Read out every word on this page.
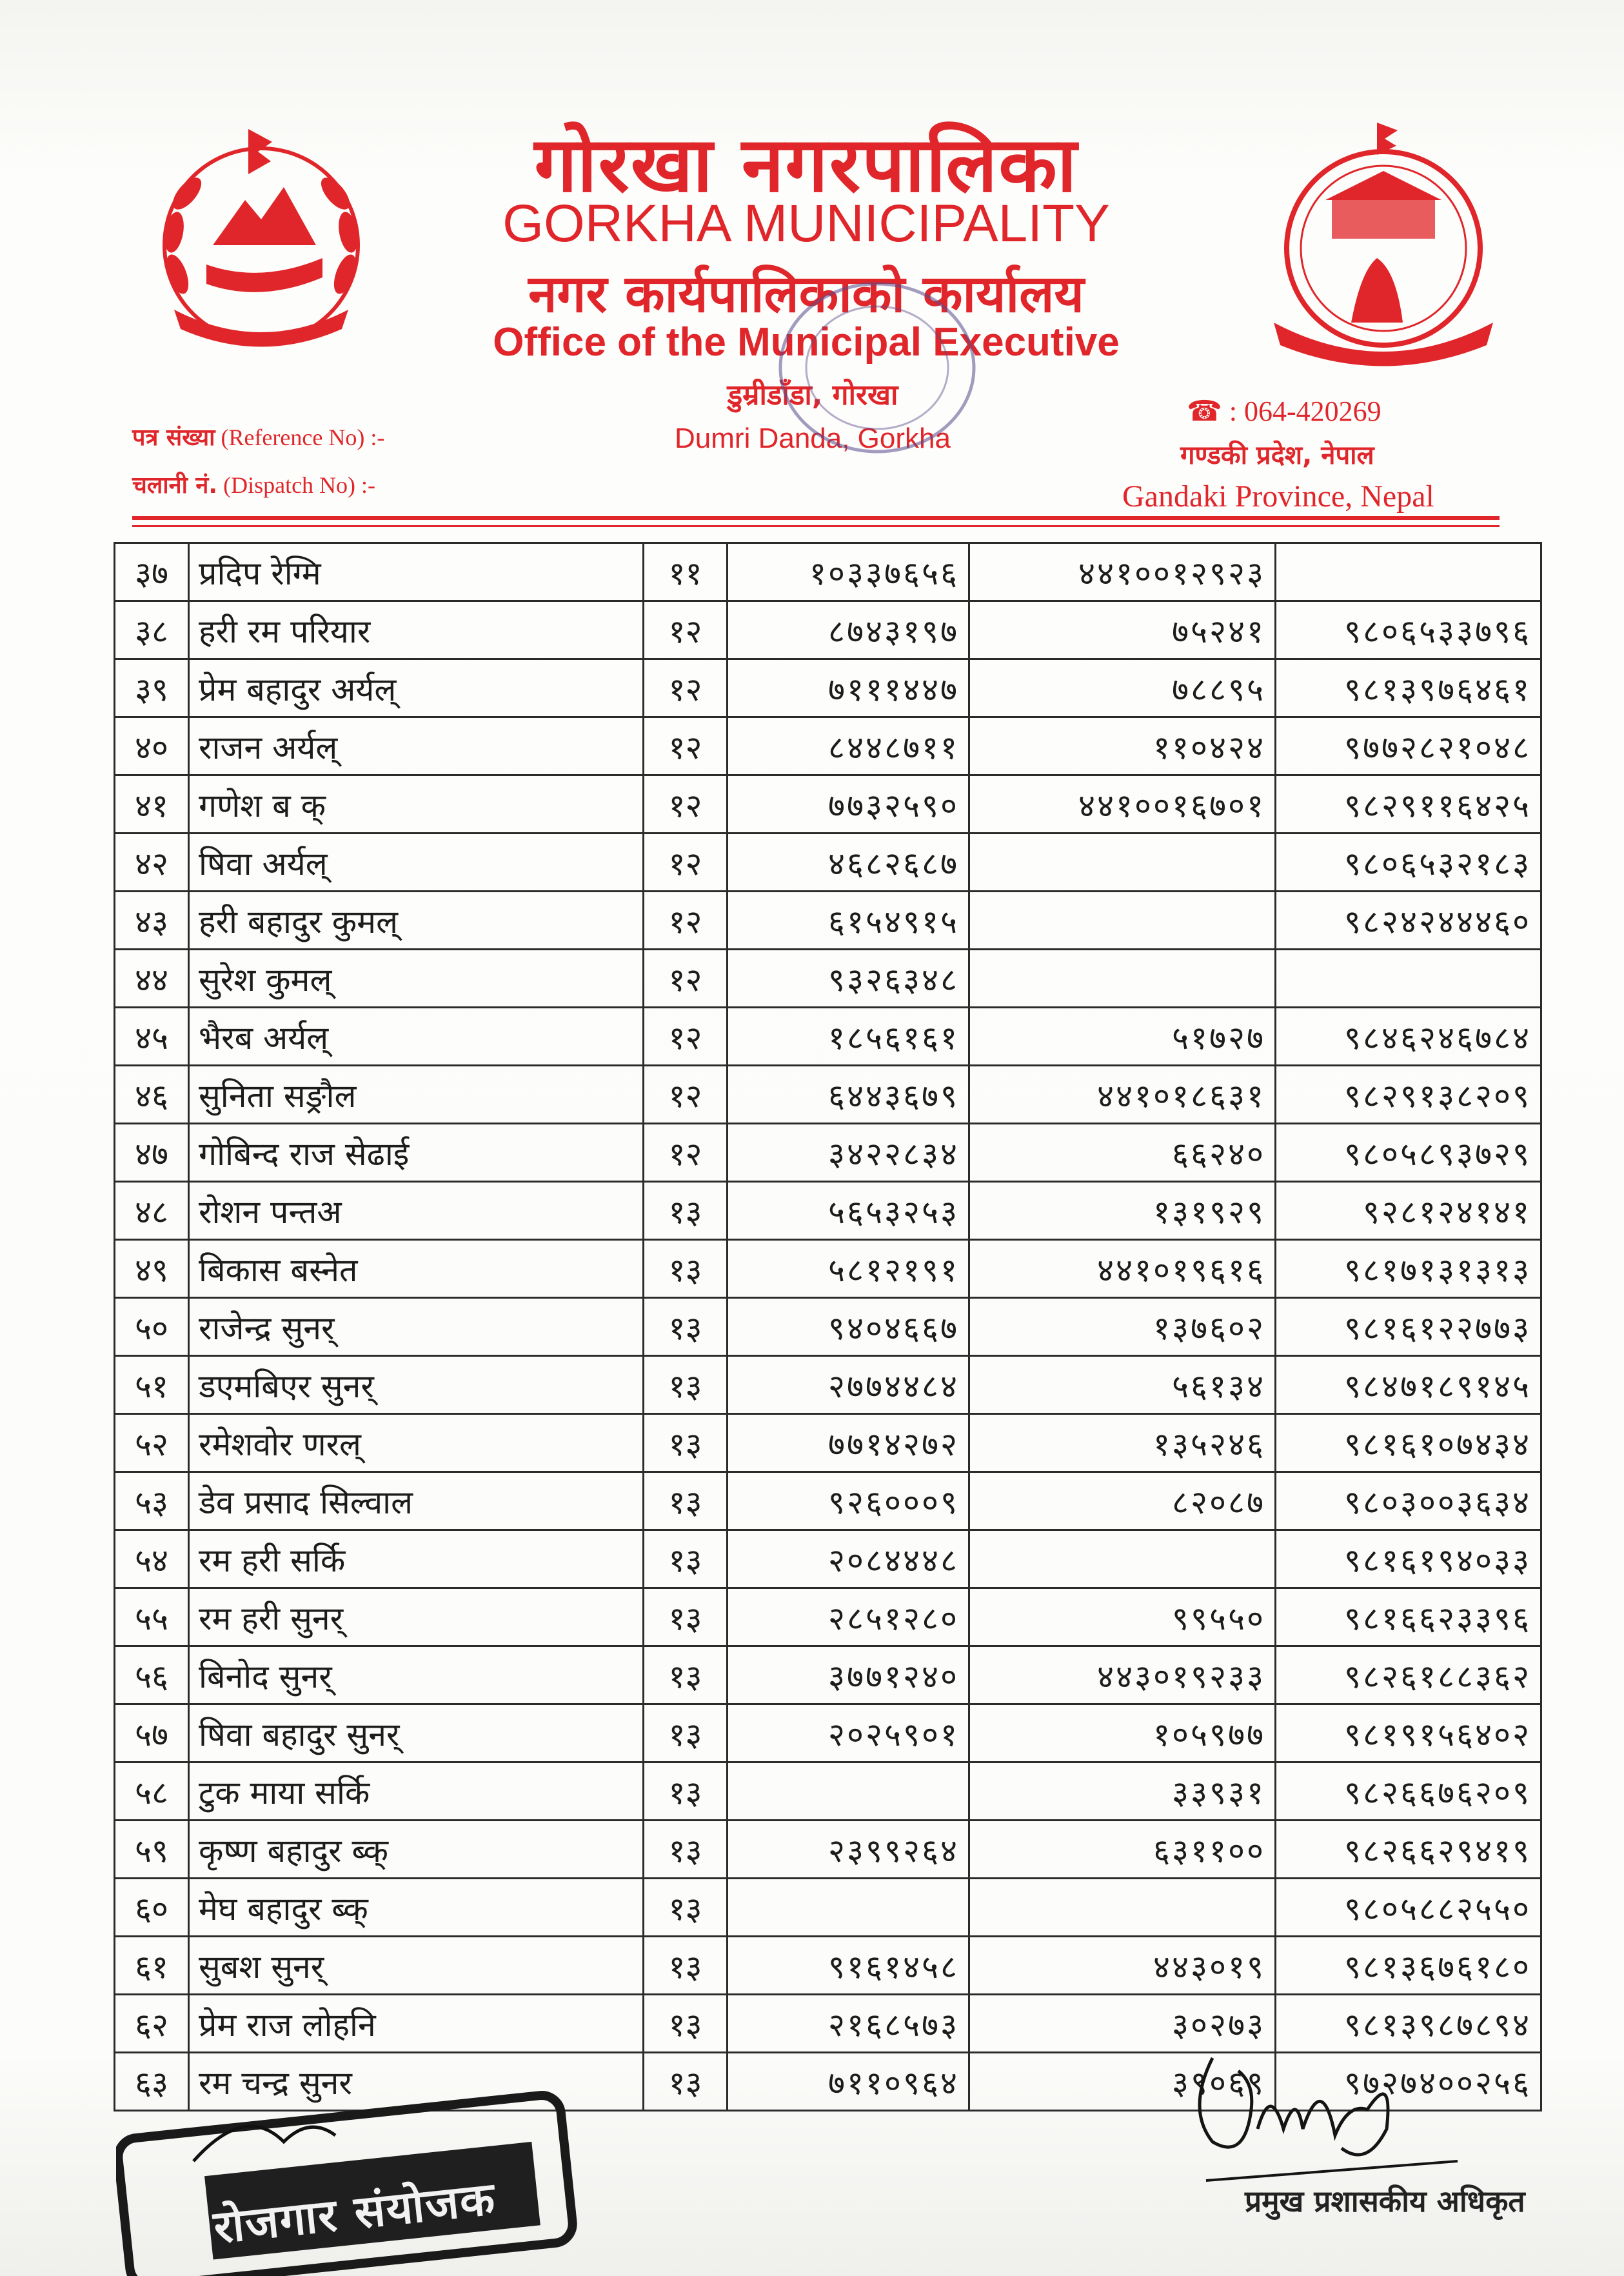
गोरखा नगरपालिका
GORKHA MUNICIPALITY
नगर कार्यपालिकाको कार्यालय
Office of the Municipal Executive
डुम्रीडाँडा, गोरखा
Dumri Danda, Gorkha
पत्र संख्या (Reference No) :-
चलानी नं. (Dispatch No) :-
☎ : 064-420269
गण्डकी प्रदेश, नेपाल
Gandaki Province, Nepal
३७	प्रदिप रेग्मि	११	१०३३७६५६	४४१००१२९२३	
३८	हरी रम परियार	१२	८७४३१९७	७५२४१	९८०६५३३७९६
३९	प्रेम बहादुर अर्यल्	१२	७१११४४७	७८८९५	९८१३९७६४६१
४०	राजन अर्यल्	१२	८४४८७११	११०४२४	९७७२८२१०४८
४१	गणेश ब क्	१२	७७३२५९०	४४१००१६७०१	९८२९११६४२५
४२	षिवा अर्यल्	१२	४६८२६८७		९८०६५३२१८३
४३	हरी बहादुर कुमल्	१२	६१५४९१५		९८२४२४४४६०
४४	सुरेश कुमल्	१२	९३२६३४८		
४५	भैरब अर्यल्	१२	१८५६१६१	५१७२७	९८४६२४६७८४
४६	सुनिता सङ्रौल	१२	६४४३६७९	४४१०१८६३१	९८२९१३८२०९
४७	गोबिन्द राज सेढाई	१२	३४२२८३४	६६२४०	९८०५८९३७२९
४८	रोशन पन्तअ	१३	५६५३२५३	१३१९२९	९२८१२४१४१
४९	बिकास बस्नेत	१३	५८१२१९१	४४१०१९६१६	९८१७१३१३१३
५०	राजेन्द्र सुनर्	१३	९४०४६६७	१३७६०२	९८१६१२२७७३
५१	डएमबिएर सुनर्	१३	२७७४४८४	५६१३४	९८४७१८९१४५
५२	रमेशवोर णरल्	१३	७७१४२७२	१३५२४६	९८१६१०७४३४
५३	डेव प्रसाद सिल्वाल	१३	९२६०००९	८२०८७	९८०३००३६३४
५४	रम हरी सर्कि	१३	२०८४४४८		९८१६१९४०३३
५५	रम हरी सुनर्	१३	२८५१२८०	९९५५०	९८१६६२३३९६
५६	बिनोद सुनर्	१३	३७७१२४०	४४३०१९२३३	९८२६१८८३६२
५७	षिवा बहादुर सुनर्	१३	२०२५९०१	१०५९७७	९८१९१५६४०२
५८	टुक माया सर्कि	१३		३३९३१	९८२६६७६२०९
५९	कृष्ण बहादुर ब्क्	१३	२३९९२६४	६३११००	९८२६६२९४१९
६०	मेघ बहादुर ब्क्	१३			९८०५८८२५५०
६१	सुबश सुनर्	१३	९१६१४५८	४४३०१९	९८१३६७६१८०
६२	प्रेम राज लोहनि	१३	२१६८५७३	३०२७३	९८१३९८७८९४
६३	रम चन्द्र सुनर	१३	७११०९६४	३९०६९	९७२७४००२५६
रोजगार संयोजक	प्रमुख प्रशासकीय अधिकृत
